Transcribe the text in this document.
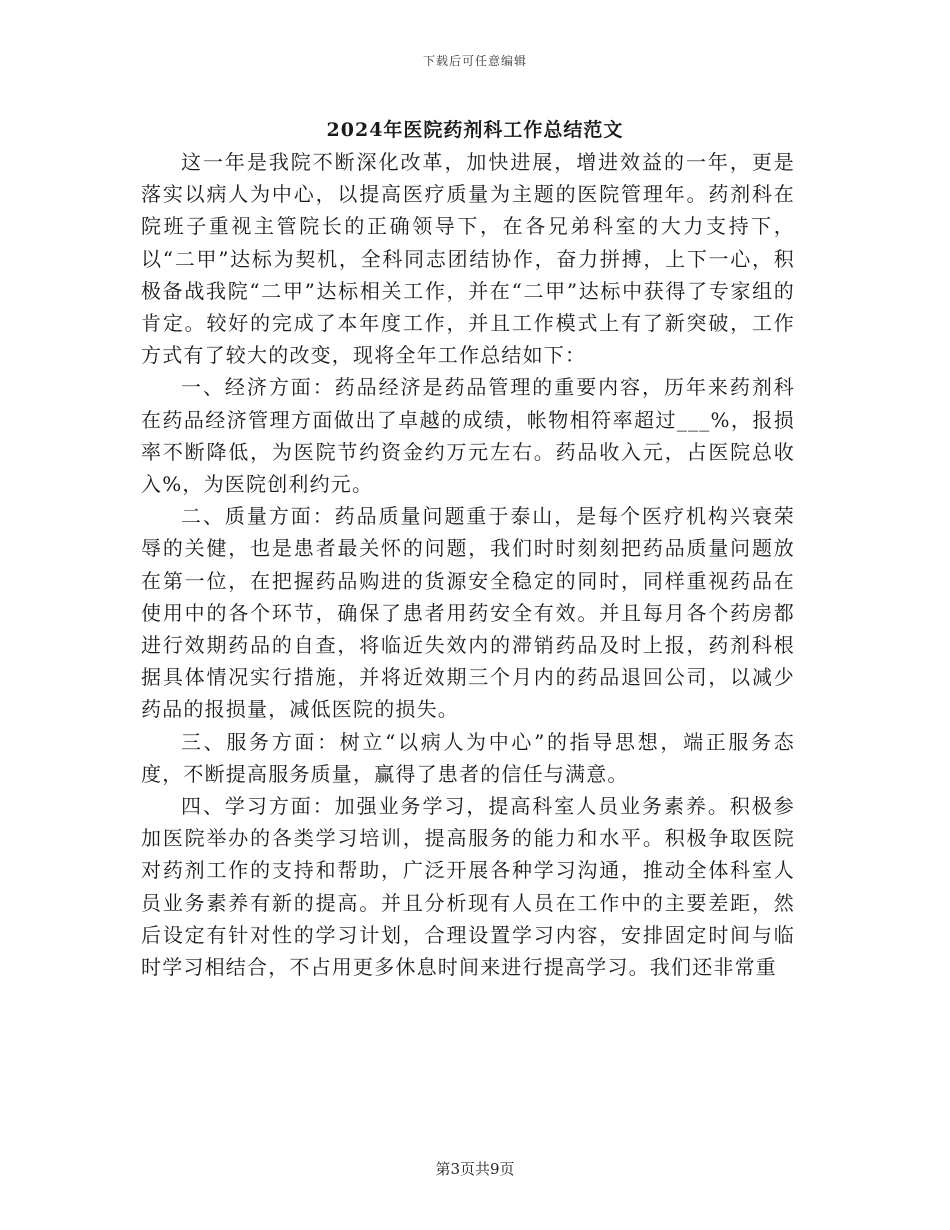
下载后可任意编辑
2024年医院药剂科工作总结范文

这一年是我院不断深化改革，加快进展，增进效益的一年，更是落实以病人为中心，以提高医疗质量为主题的医院管理年。药剂科在院班子重视主管院长的正确领导下，在各兄弟科室的大力支持下，以“二甲”达标为契机，全科同志团结协作，奋力拼搏，上下一心，积极备战我院“二甲”达标相关工作，并在“二甲”达标中获得了专家组的肯定。较好的完成了本年度工作，并且工作模式上有了新突破，工作方式有了较大的改变，现将全年工作总结如下：

一、经济方面：药品经济是药品管理的重要内容，历年来药剂科在药品经济管理方面做出了卓越的成绩，帐物相符率超过___%，报损率不断降低，为医院节约资金约万元左右。药品收入元，占医院总收入%，为医院创利约元。

二、质量方面：药品质量问题重于泰山，是每个医疗机构兴衰荣辱的关健，也是患者最关怀的问题，我们时时刻刻把药品质量问题放在第一位，在把握药品购进的货源安全稳定的同时，同样重视药品在使用中的各个环节，确保了患者用药安全有效。并且每月各个药房都进行效期药品的自查，将临近失效内的滞销药品及时上报，药剂科根据具体情况实行措施，并将近效期三个月内的药品退回公司，以减少药品的报损量，减低医院的损失。

三、服务方面：树立“以病人为中心”的指导思想，端正服务态度，不断提高服务质量，赢得了患者的信任与满意。

四、学习方面：加强业务学习，提高科室人员业务素养。积极参加医院举办的各类学习培训，提高服务的能力和水平。积极争取医院对药剂工作的支持和帮助，广泛开展各种学习沟通，推动全体科室人员业务素养有新的提高。并且分析现有人员在工作中的主要差距，然后设定有针对性的学习计划，合理设置学习内容，安排固定时间与临时学习相结合，不占用更多休息时间来进行提高学习。我们还非常重

第3页共9页
